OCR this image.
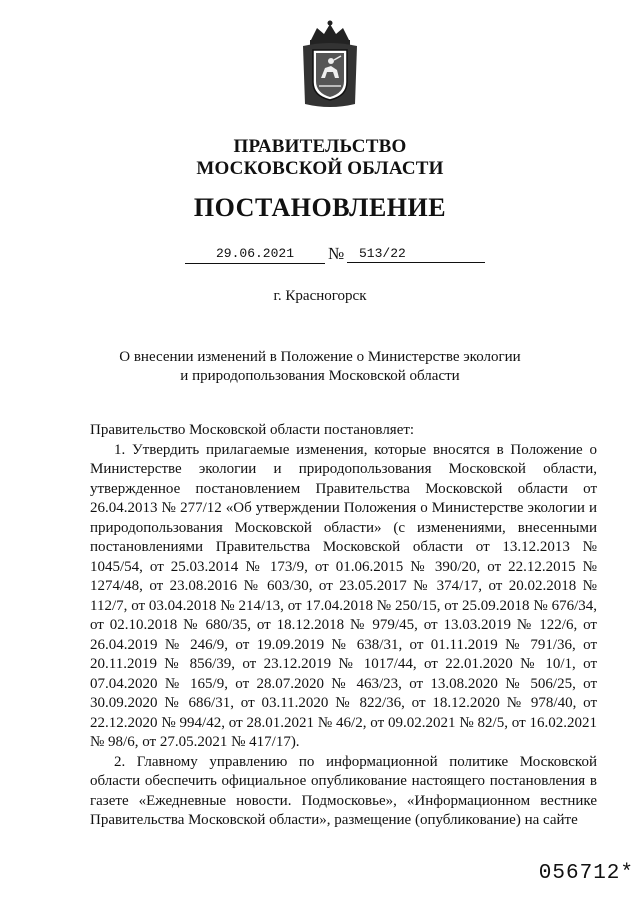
ПРАВИТЕЛЬСТВО
МОСКОВСКОЙ ОБЛАСТИ
ПОСТАНОВЛЕНИЕ
29.06.2021	№	513/22
г. Красногорск
О внесении изменений в Положение о Министерстве экологии
и природопользования Московской области

Правительство Московской области постановляет:

1. Утвердить прилагаемые изменения, которые вносятся в Положение о Министерстве экологии и природопользования Московской области, утвержденное постановлением Правительства Московской области от 26.04.2013 № 277/12 «Об утверждении Положения о Министерстве экологии и природопользования Московской области» (с изменениями, внесенными постановлениями Правительства Московской области от 13.12.2013 № 1045/54, от 25.03.2014 № 173/9, от 01.06.2015 № 390/20, от 22.12.2015 № 1274/48, от 23.08.2016 № 603/30, от 23.05.2017 № 374/17, от 20.02.2018 № 112/7, от 03.04.2018 № 214/13, от 17.04.2018 № 250/15, от 25.09.2018 № 676/34, от 02.10.2018 № 680/35, от 18.12.2018 № 979/45, от 13.03.2019 № 122/6, от 26.04.2019 № 246/9, от 19.09.2019 № 638/31, от 01.11.2019 № 791/36, от 20.11.2019 № 856/39, от 23.12.2019 № 1017/44, от 22.01.2020 № 10/1, от 07.04.2020 № 165/9, от 28.07.2020 № 463/23, от 13.08.2020 № 506/25, от 30.09.2020 № 686/31, от 03.11.2020 № 822/36, от 18.12.2020 № 978/40, от 22.12.2020 № 994/42, от 28.01.2021 № 46/2, от 09.02.2021 № 82/5, от 16.02.2021 № 98/6, от 27.05.2021 № 417/17).

2. Главному управлению по информационной политике Московской области обеспечить официальное опубликование настоящего постановления в газете «Ежедневные новости. Подмосковье», «Информационном вестнике Правительства Московской области», размещение (опубликование) на сайте

056712*
